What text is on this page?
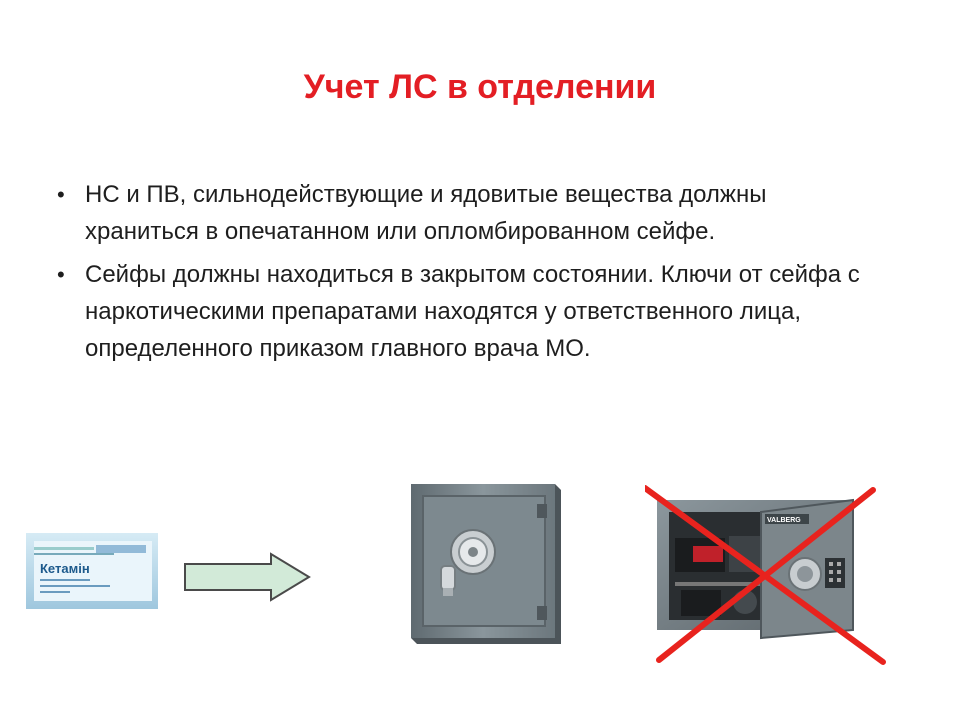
Учет ЛС в отделении
• НС и ПВ, сильнодействующие и ядовитые вещества должны храниться в опечатанном или опломбированном сейфе.
• Сейфы должны находиться в закрытом состоянии. Ключи от сейфа с наркотическими препаратами находятся у ответственного лица, определенного приказом главного врача МО.
Кетамін
VALBERG
